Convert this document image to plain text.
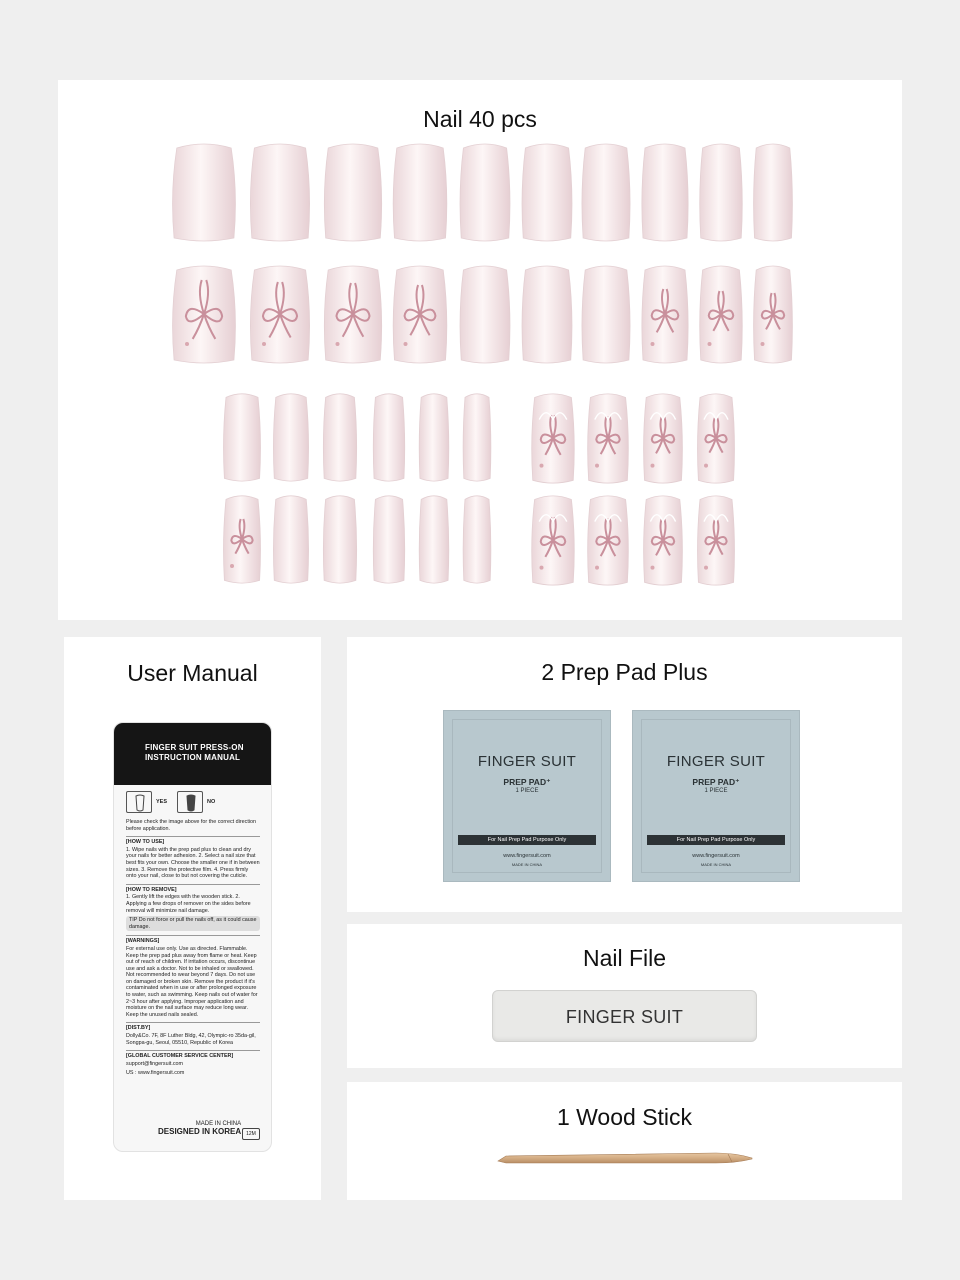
Nail 40 pcs
User Manual
FINGER SUIT PRESS-ON
INSTRUCTION MANUAL
YES	NO
Please check the image above for the correct direction before application.
[HOW TO USE]
1. Wipe nails with the prep pad plus to clean and dry your nails for better adhesion. 2. Select a nail size that best fits your own. Choose the smaller one if in between sizes. 3. Remove the protective film. 4. Press firmly onto your nail, close to but not covering the cuticle.
[HOW TO REMOVE]
1. Gently lift the edges with the wooden stick. 2. Applying a few drops of remover on the sides before removal will minimize nail damage.
TIP Do not force or pull the nails off, as it could cause damage.
[WARNINGS]
For external use only. Use as directed. Flammable. Keep the prep pad plus away from flame or heat. Keep out of reach of children. If irritation occurs, discontinue use and ask a doctor. Not to be inhaled or swallowed. Not recommended to wear beyond 7 days. Do not use on damaged or broken skin. Remove the product if it's contaminated when in use or after prolonged exposure to water, such as swimming. Keep nails out of water for 2~3 hour after applying. Improper application and moisture on the nail surface may reduce long wear. Keep the unused nails sealed.
[DIST.BY]
Dolly&Co. 7F, 8F Luther Bldg, 42, Olympic-ro 35da-gil, Songpa-gu, Seoul, 05510, Republic of Korea
[GLOBAL CUSTOMER SERVICE CENTER]
support@fingersuit.com
US : www.fingersuit.com
MADE IN CHINA
DESIGNED IN KOREA	12M
2 Prep Pad Plus
FINGER SUIT
PREP PAD⁺
1 PIECE
For Nail Prep Pad Purpose Only
www.fingersuit.com
MADE IN CHINA
FINGER SUIT
PREP PAD⁺
1 PIECE
For Nail Prep Pad Purpose Only
www.fingersuit.com
MADE IN CHINA
Nail File
FINGER SUIT
1 Wood Stick
